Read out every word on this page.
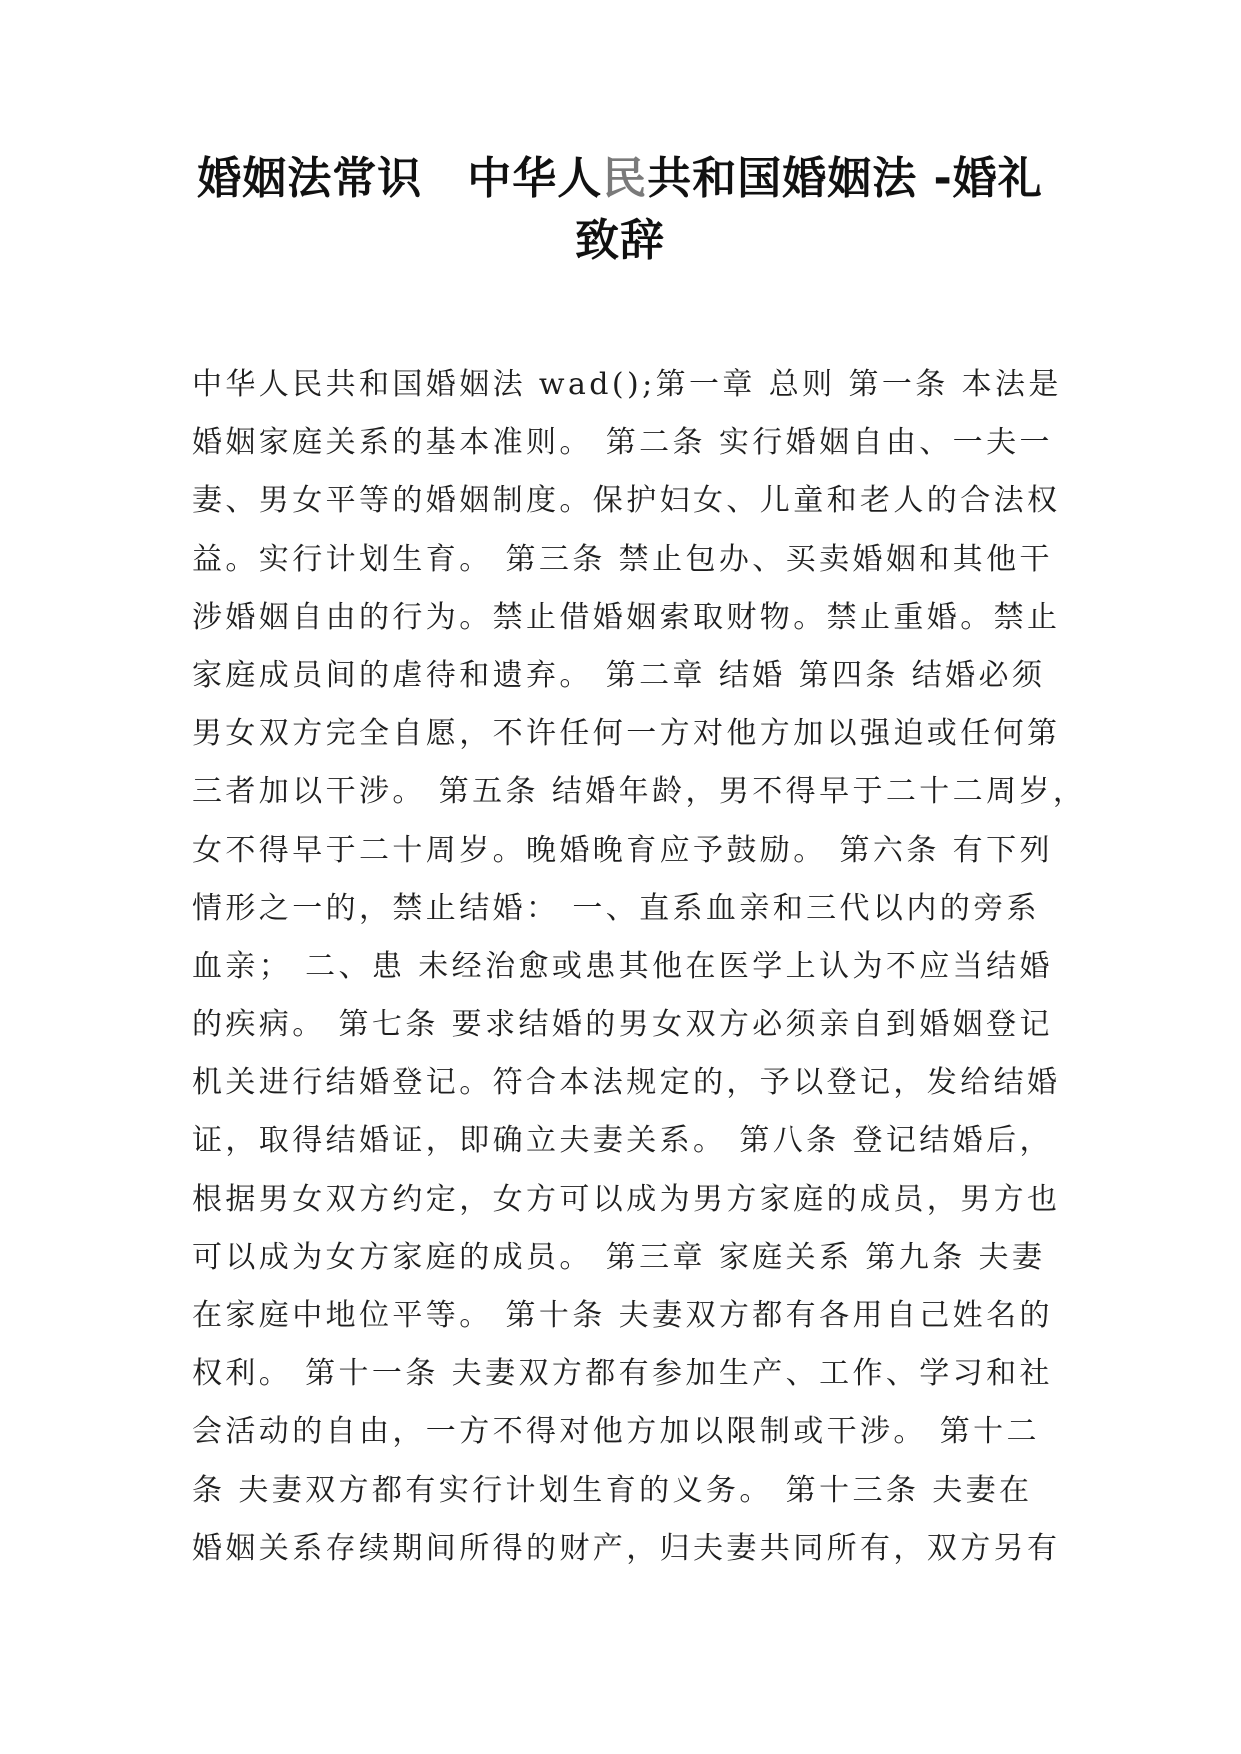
婚姻法常识　中华人民共和国婚姻法 -婚礼
致辞
中华人民共和国婚姻法 wad();第一章 总则 第一条 本法是
婚姻家庭关系的基本准则。 第二条 实行婚姻自由、一夫一
妻、男女平等的婚姻制度。保护妇女、儿童和老人的合法权
益。实行计划生育。 第三条 禁止包办、买卖婚姻和其他干
涉婚姻自由的行为。禁止借婚姻索取财物。禁止重婚。禁止
家庭成员间的虐待和遗弃。 第二章 结婚 第四条 结婚必须
男女双方完全自愿，不许任何一方对他方加以强迫或任何第
三者加以干涉。 第五条 结婚年龄，男不得早于二十二周岁，
女不得早于二十周岁。晚婚晚育应予鼓励。 第六条 有下列
情形之一的，禁止结婚： 一、直系血亲和三代以内的旁系
血亲； 二、患 未经治愈或患其他在医学上认为不应当结婚
的疾病。 第七条 要求结婚的男女双方必须亲自到婚姻登记
机关进行结婚登记。符合本法规定的，予以登记，发给结婚
证，取得结婚证，即确立夫妻关系。 第八条 登记结婚后，
根据男女双方约定，女方可以成为男方家庭的成员，男方也
可以成为女方家庭的成员。 第三章 家庭关系 第九条 夫妻
在家庭中地位平等。 第十条 夫妻双方都有各用自己姓名的
权利。 第十一条 夫妻双方都有参加生产、工作、学习和社
会活动的自由，一方不得对他方加以限制或干涉。 第十二
条 夫妻双方都有实行计划生育的义务。 第十三条 夫妻在
婚姻关系存续期间所得的财产，归夫妻共同所有，双方另有
